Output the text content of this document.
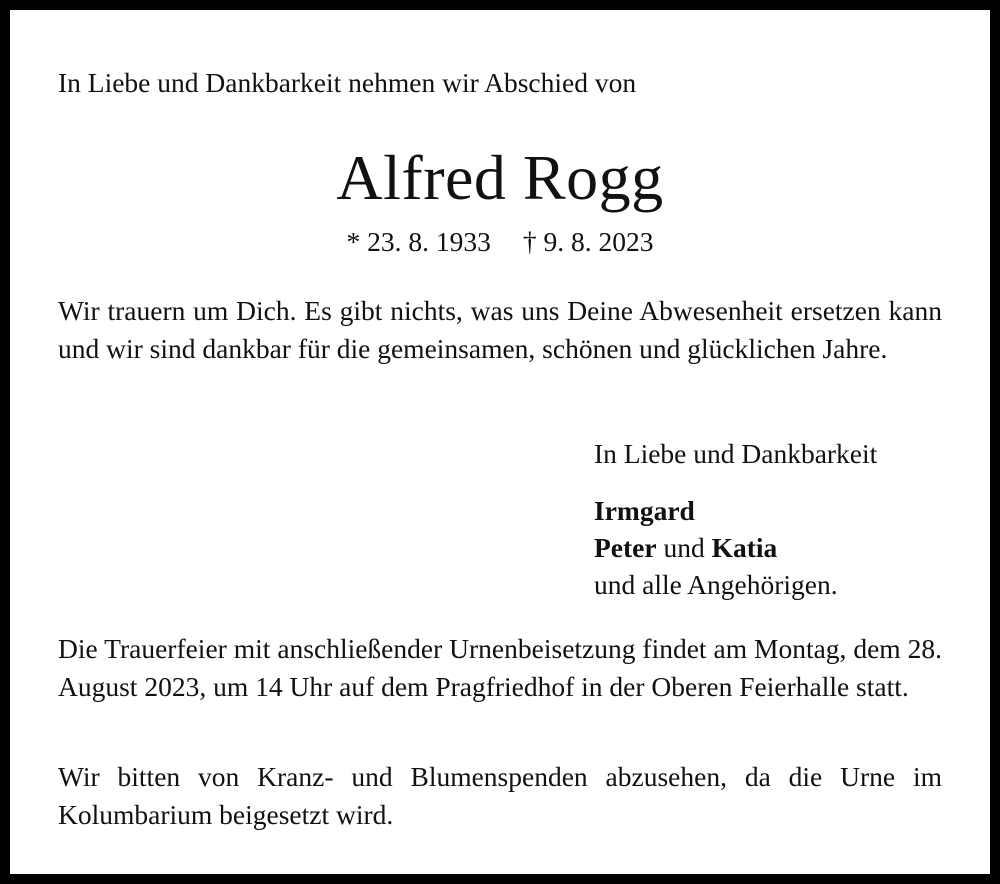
In Liebe und Dankbarkeit nehmen wir Abschied von
Alfred Rogg
* 23. 8. 1933 † 9. 8. 2023
Wir trauern um Dich. Es gibt nichts, was uns Deine Abwesenheit ersetzen kann und wir sind dankbar für die gemeinsamen, schönen und glücklichen Jahre.
In Liebe und Dankbarkeit
Irmgard
Peter und Katia
und alle Angehörigen.
Die Trauerfeier mit anschließender Urnenbeisetzung findet am Montag, dem 28. August 2023, um 14 Uhr auf dem Pragfriedhof in der Oberen Feierhalle statt.
Wir bitten von Kranz- und Blumenspenden abzusehen, da die Urne im Kolumbarium beigesetzt wird.
